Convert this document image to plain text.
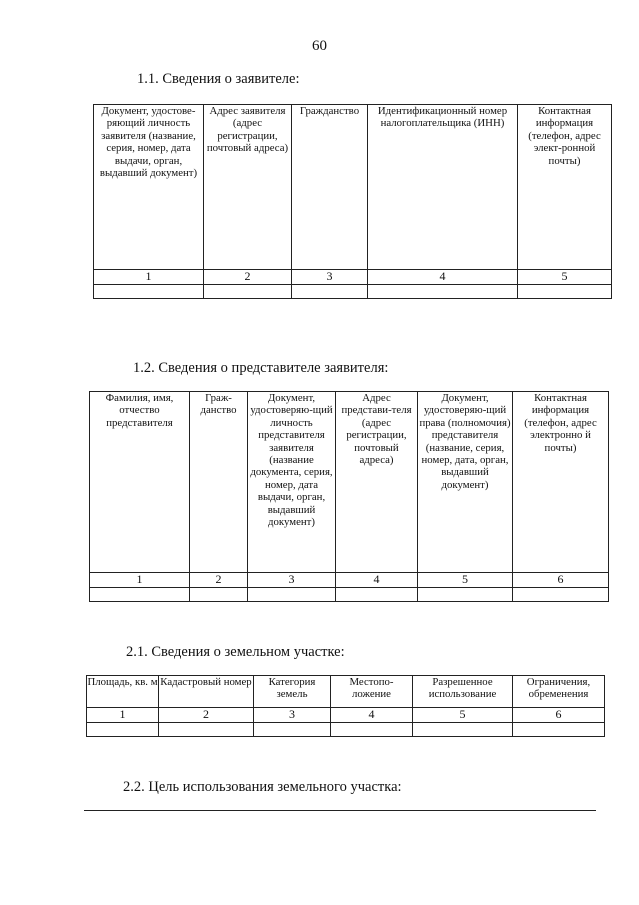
60
1.1. Сведения о заявителе:
Документ, удостове-ряющий личность заявителя (название, серия, номер, дата выдачи, орган, выдавший документ)	Адрес заявителя (адрес регистрации, почтовый адреса)	Гражданство	Идентификационный номер налогоплательщика (ИНН)	Контактная информация (телефон, адрес элект-ронной почты)
1	2	3	4	5

1.2. Сведения о представителе заявителя:
Фамилия, имя, отчество представителя	Граж-данство	Документ, удостоверяю-щий личность представителя заявителя (название документа, серия, номер, дата выдачи, орган, выдавший документ)	Адрес представи-теля (адрес регистрации, почтовый адреса)	Документ, удостоверяю-щий права (полномочия) представителя (название, серия, номер, дата, орган, выдавший документ)	Контактная информация (телефон, адрес электронно й почты)
1	2	3	4	5	6

2.1. Сведения о земельном участке:
Площадь, кв. м	Кадастровый номер	Категория земель	Местопо-ложение	Разрешенное использование	Ограничения, обременения
1	2	3	4	5	6

2.2. Цель использования земельного участка:
